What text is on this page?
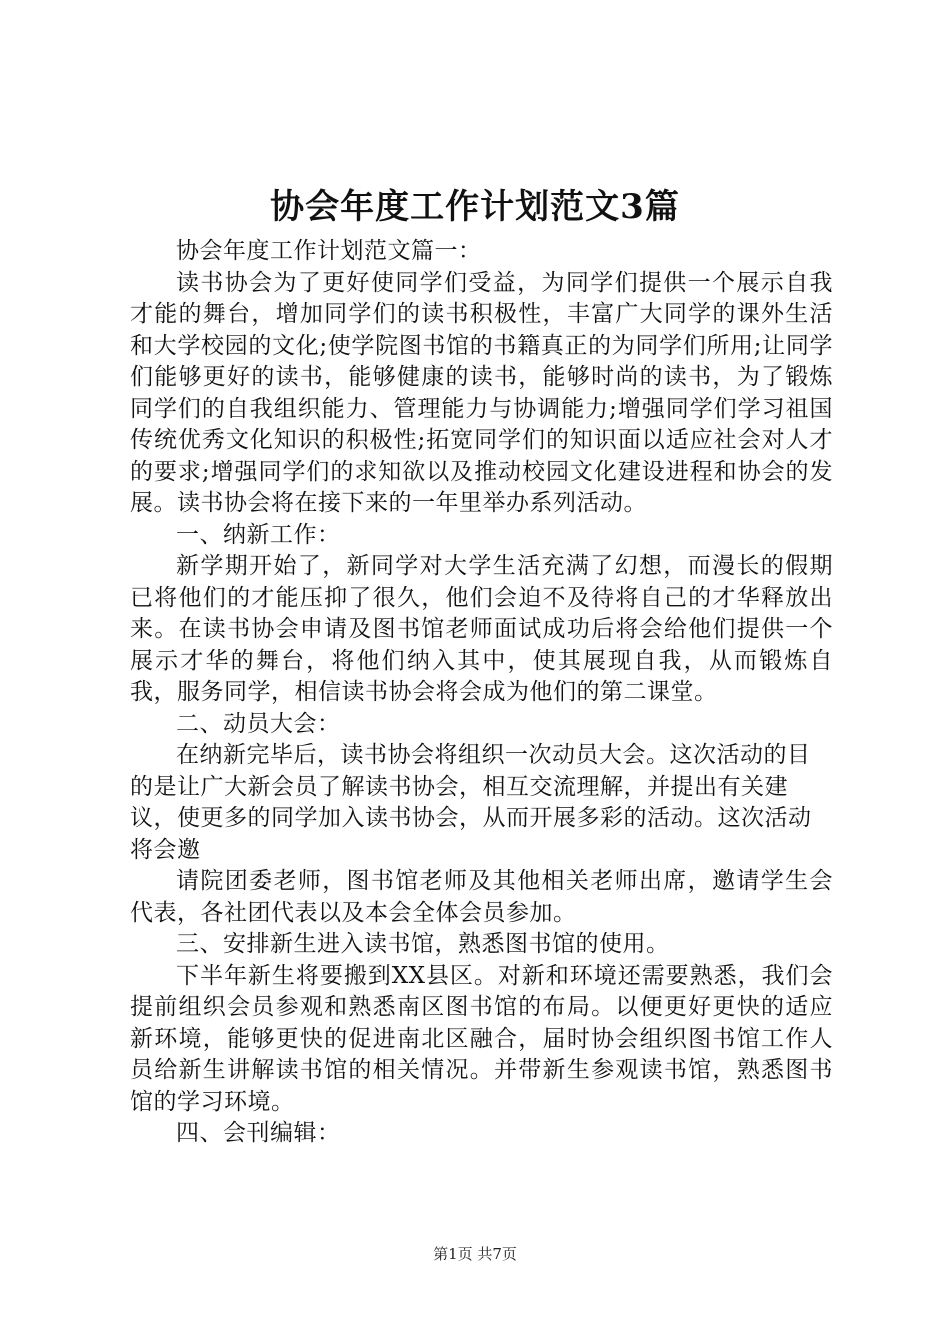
协会年度工作计划范文3篇

协会年度工作计划范文篇一：

读书协会为了更好使同学们受益，为同学们提供一个展示自我才能的舞台，增加同学们的读书积极性，丰富广大同学的课外生活和大学校园的文化;使学院图书馆的书籍真正的为同学们所用;让同学们能够更好的读书，能够健康的读书，能够时尚的读书，为了锻炼同学们的自我组织能力、管理能力与协调能力;增强同学们学习祖国传统优秀文化知识的积极性;拓宽同学们的知识面以适应社会对人才的要求;增强同学们的求知欲以及推动校园文化建设进程和协会的发展。读书协会将在接下来的一年里举办系列活动。

一、纳新工作：

新学期开始了，新同学对大学生活充满了幻想，而漫长的假期已将他们的才能压抑了很久，他们会迫不及待将自己的才华释放出来。在读书协会申请及图书馆老师面试成功后将会给他们提供一个展示才华的舞台，将他们纳入其中，使其展现自我，从而锻炼自我，服务同学，相信读书协会将会成为他们的第二课堂。

二、动员大会：

在纳新完毕后，读书协会将组织一次动员大会。这次活动的目的是让广大新会员了解读书协会，相互交流理解，并提出有关建议，使更多的同学加入读书协会，从而开展多彩的活动。这次活动将会邀

请院团委老师，图书馆老师及其他相关老师出席，邀请学生会代表，各社团代表以及本会全体会员参加。

三、安排新生进入读书馆，熟悉图书馆的使用。

下半年新生将要搬到XX县区。对新和环境还需要熟悉，我们会提前组织会员参观和熟悉南区图书馆的布局。以便更好更快的适应新环境，能够更快的促进南北区融合，届时协会组织图书馆工作人员给新生讲解读书馆的相关情况。并带新生参观读书馆，熟悉图书馆的学习环境。

四、会刊编辑：

第1页 共7页
